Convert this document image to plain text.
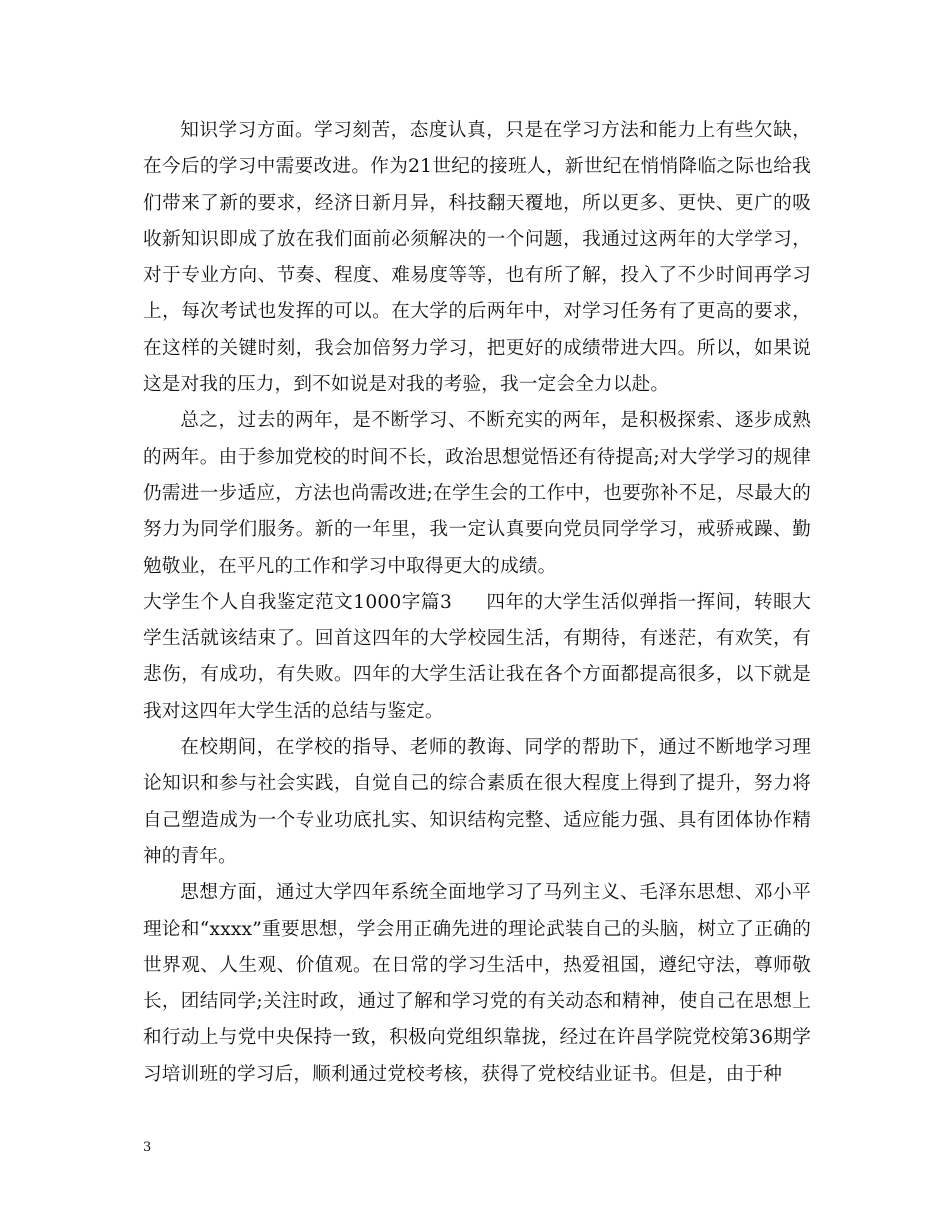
知识学习方面。学习刻苦，态度认真，只是在学习方法和能力上有些欠缺，在今后的学习中需要改进。作为21世纪的接班人，新世纪在悄悄降临之际也给我们带来了新的要求，经济日新月异，科技翻天覆地，所以更多、更快、更广的吸收新知识即成了放在我们面前必须解决的一个问题，我通过这两年的大学学习，对于专业方向、节奏、程度、难易度等等，也有所了解，投入了不少时间再学习上，每次考试也发挥的可以。在大学的后两年中，对学习任务有了更高的要求，在这样的关键时刻，我会加倍努力学习，把更好的成绩带进大四。所以，如果说这是对我的压力，到不如说是对我的考验，我一定会全力以赴。

总之，过去的两年，是不断学习、不断充实的两年，是积极探索、逐步成熟的两年。由于参加党校的时间不长，政治思想觉悟还有待提高;对大学学习的规律仍需进一步适应，方法也尚需改进;在学生会的工作中，也要弥补不足，尽最大的努力为同学们服务。新的一年里，我一定认真要向党员同学学习，戒骄戒躁、勤勉敬业，在平凡的工作和学习中取得更大的成绩。

大学生个人自我鉴定范文1000字篇3 四年的大学生活似弹指一挥间，转眼大学生活就该结束了。回首这四年的大学校园生活，有期待，有迷茫，有欢笑，有悲伤，有成功，有失败。四年的大学生活让我在各个方面都提高很多，以下就是我对这四年大学生活的总结与鉴定。

在校期间，在学校的指导、老师的教诲、同学的帮助下，通过不断地学习理论知识和参与社会实践，自觉自己的综合素质在很大程度上得到了提升，努力将自己塑造成为一个专业功底扎实、知识结构完整、适应能力强、具有团体协作精神的青年。

思想方面，通过大学四年系统全面地学习了马列主义、毛泽东思想、邓小平理论和“xxxx”重要思想，学会用正确先进的理论武装自己的头脑，树立了正确的世界观、人生观、价值观。在日常的学习生活中，热爱祖国，遵纪守法，尊师敬长，团结同学;关注时政，通过了解和学习党的有关动态和精神，使自己在思想上和行动上与党中央保持一致，积极向党组织靠拢，经过在许昌学院党校第36期学习培训班的学习后，顺利通过党校考核，获得了党校结业证书。但是，由于种

3
